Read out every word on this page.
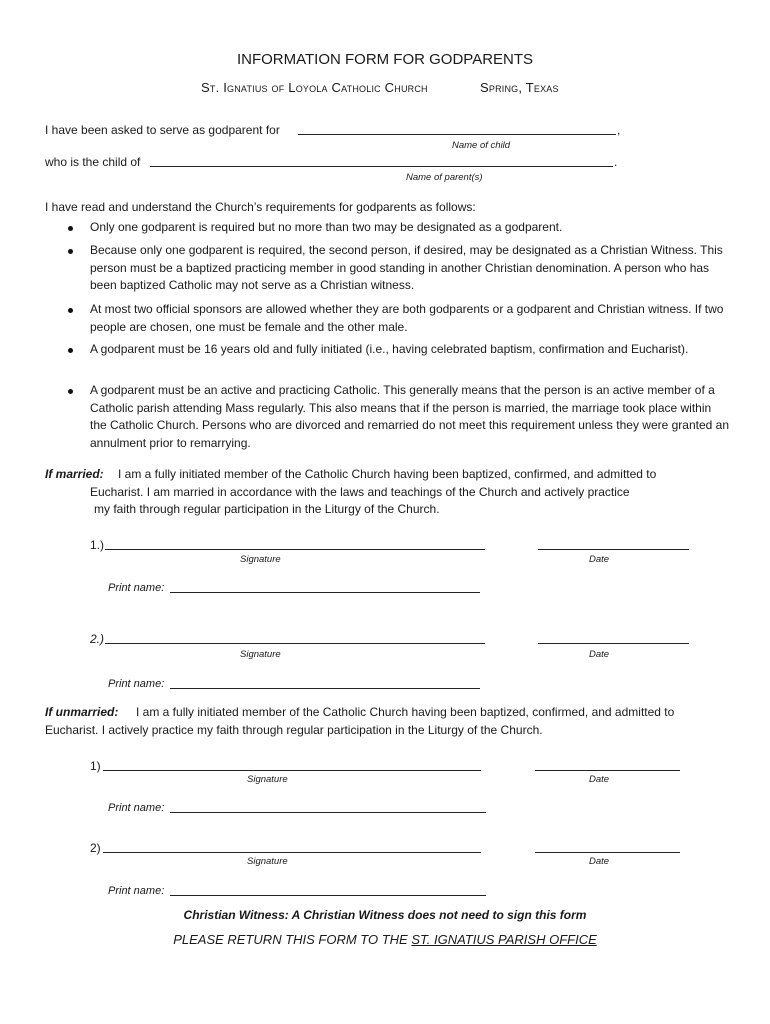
INFORMATION FORM FOR GODPARENTS
St. Ignatius of Loyola Catholic Church	Spring, Texas
I have been asked to serve as godparent for	,
Name of child
who is the child of	.
Name of parent(s)
I have read and understand the Church’s requirements for godparents as follows:
Only one godparent is required but no more than two may be designated as a godparent.
Because only one godparent is required, the second person, if desired, may be designated as a Christian Witness. This person must be a baptized practicing member in good standing in another Christian denomination. A person who has been baptized Catholic may not serve as a Christian witness.
At most two official sponsors are allowed whether they are both godparents or a godparent and Christian witness. If two people are chosen, one must be female and the other male.
A godparent must be 16 years old and fully initiated (i.e., having celebrated baptism, confirmation and Eucharist).
A godparent must be an active and practicing Catholic. This generally means that the person is an active member of a Catholic parish attending Mass regularly. This also means that if the person is married, the marriage took place within the Catholic Church. Persons who are divorced and remarried do not meet this requirement unless they were granted an annulment prior to remarrying.
If married: I am a fully initiated member of the Catholic Church having been baptized, confirmed, and admitted to
Eucharist. I am married in accordance with the laws and teachings of the Church and actively practice
my faith through regular participation in the Liturgy of the Church.
1.)
Signature	Date
Print name:
2.)
Signature	Date
Print name:
If unmarried: I am a fully initiated member of the Catholic Church having been baptized, confirmed, and admitted to
Eucharist. I actively practice my faith through regular participation in the Liturgy of the Church.
1)
Signature	Date
Print name:
2)
Signature	Date
Print name:
Christian Witness: A Christian Witness does not need to sign this form
PLEASE RETURN THIS FORM TO THE ST. IGNATIUS PARISH OFFICE
